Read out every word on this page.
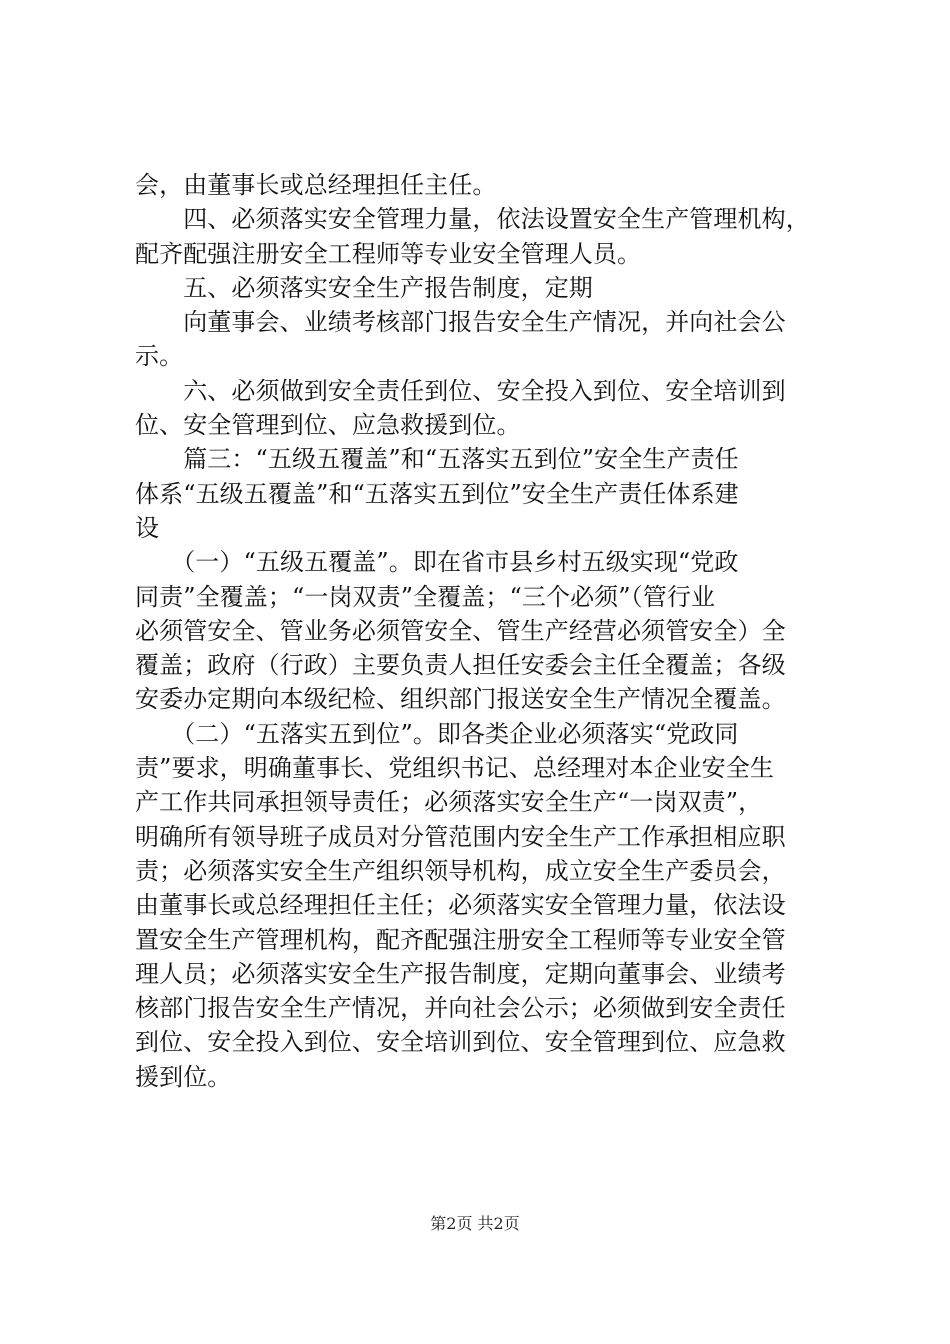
会，由董事长或总经理担任主任。
　　四、必须落实安全管理力量，依法设置安全生产管理机构，
配齐配强注册安全工程师等专业安全管理人员。
　　五、必须落实安全生产报告制度，定期
　　向董事会、业绩考核部门报告安全生产情况，并向社会公
示。
　　六、必须做到安全责任到位、安全投入到位、安全培训到
位、安全管理到位、应急救援到位。
　　篇三：“五级五覆盖”和“五落实五到位”安全生产责任
体系“五级五覆盖”和“五落实五到位”安全生产责任体系建
设
　　（一）“五级五覆盖”。即在省市县乡村五级实现“党政
同责”全覆盖；“一岗双责”全覆盖；“三个必须”（管行业
必须管安全、管业务必须管安全、管生产经营必须管安全）全
覆盖；政府（行政）主要负责人担任安委会主任全覆盖；各级
安委办定期向本级纪检、组织部门报送安全生产情况全覆盖。
　　（二）“五落实五到位”。即各类企业必须落实“党政同
责”要求，明确董事长、党组织书记、总经理对本企业安全生
产工作共同承担领导责任；必须落实安全生产“一岗双责”，
明确所有领导班子成员对分管范围内安全生产工作承担相应职
责；必须落实安全生产组织领导机构，成立安全生产委员会，
由董事长或总经理担任主任；必须落实安全管理力量，依法设
置安全生产管理机构，配齐配强注册安全工程师等专业安全管
理人员；必须落实安全生产报告制度，定期向董事会、业绩考
核部门报告安全生产情况，并向社会公示；必须做到安全责任
到位、安全投入到位、安全培训到位、安全管理到位、应急救
援到位。
第2页 共2页
